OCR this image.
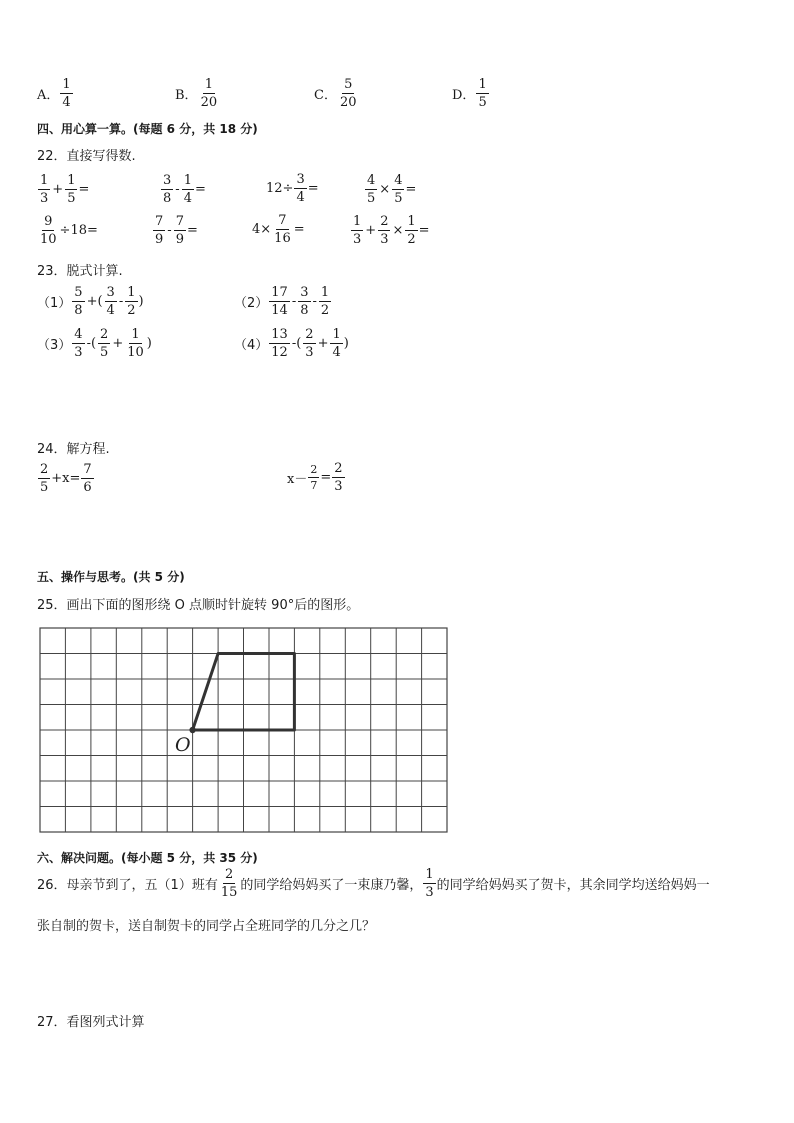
A． $\frac{1}{4}$	B． $\frac{1}{20}$	C． $\frac{5}{20}$	D． $\frac{1}{5}$
四、用心算一算。(每题 6 分，共 18 分)
22．直接写得数.
$\frac{1}{3} + \frac{1}{5}$ =	$\frac{3}{8} - \frac{1}{4}$ =	$12\div \frac{3}{4}$ =	$\frac{4}{5} \times \frac{4}{5}$ =
$\frac{9}{10} \div 18=$	$\frac{7}{9} - \frac{7}{9}$ =	$4\times \frac{7}{16}$ =	$\frac{1}{3} + \frac{2}{3} \times \frac{1}{2}$ =
23．脱式计算.
$(1) \frac{5}{8}$ +( $\frac{3}{4} - \frac{1}{2}$ )	$(2) \frac{17}{14} - \frac{3}{8} - \frac{1}{2}$
$(3) \frac{4}{3}$ -( $\frac{2}{5} + \frac{1}{10}$ )	$(4) \frac{13}{12}$ -( $\frac{2}{3} + \frac{1}{4}$ )
24．解方程.
$\frac{2}{5} +x= \frac{7}{6}$	$x- \frac{2}{7} = \frac{2}{3}$
五、操作与思考。(共 5 分)
25．画出下面的图形绕 O 点顺时针旋转 90°后的图形。
O
六、解决问题。(每小题 5 分，共 35 分)
26．母亲节到了，五（1）班有 $\frac{2}{15}$ 的同学给妈妈买了一束康乃馨， $\frac{1}{3}$ 的同学给妈妈买了贺卡，其余同学均送给妈妈一
张自制的贺卡，送自制贺卡的同学占全班同学的几分之几？
27．看图列式计算
